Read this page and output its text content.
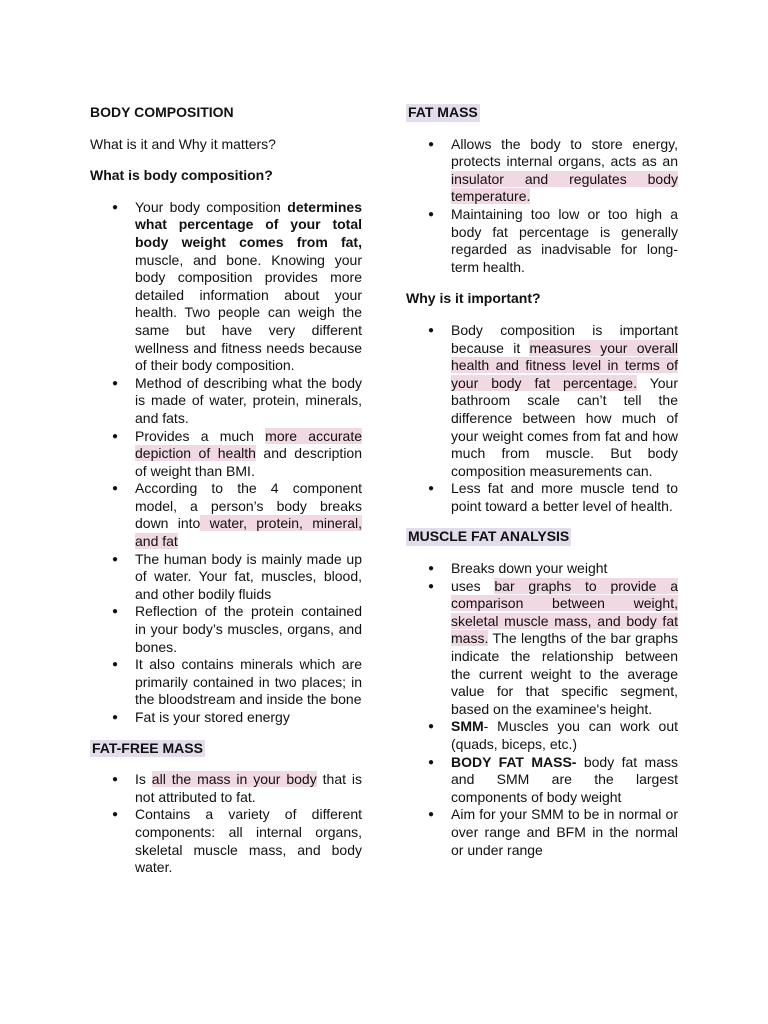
BODY COMPOSITION

What is it and Why it matters?

What is body composition?

● Your body composition determines what percentage of your total body weight comes from fat, muscle, and bone. Knowing your body composition provides more detailed information about your health. Two people can weigh the same but have very different wellness and fitness needs because of their body composition.
● Method of describing what the body is made of water, protein, minerals, and fats.
● Provides a much more accurate depiction of health and description of weight than BMI.
● According to the 4 component model, a person’s body breaks down into water, protein, mineral, and fat
● The human body is mainly made up of water. Your fat, muscles, blood, and other bodily fluids
● Reflection of the protein contained in your body’s muscles, organs, and bones.
● It also contains minerals which are primarily contained in two places; in the bloodstream and inside the bone
● Fat is your stored energy

FAT-FREE MASS

● Is all the mass in your body that is not attributed to fat.
● Contains a variety of different components: all internal organs, skeletal muscle mass, and body water.

FAT MASS

● Allows the body to store energy, protects internal organs, acts as an insulator and regulates body temperature.
● Maintaining too low or too high a body fat percentage is generally regarded as inadvisable for long-term health.

Why is it important?

● Body composition is important because it measures your overall health and fitness level in terms of your body fat percentage. Your bathroom scale can’t tell the difference between how much of your weight comes from fat and how much from muscle. But body composition measurements can.
● Less fat and more muscle tend to point toward a better level of health.

MUSCLE FAT ANALYSIS

● Breaks down your weight
● uses bar graphs to provide a comparison between weight, skeletal muscle mass, and body fat mass. The lengths of the bar graphs indicate the relationship between the current weight to the average value for that specific segment, based on the examinee's height.
● SMM- Muscles you can work out (quads, biceps, etc.)
● BODY FAT MASS- body fat mass and SMM are the largest components of body weight
● Aim for your SMM to be in normal or over range and BFM in the normal or under range
